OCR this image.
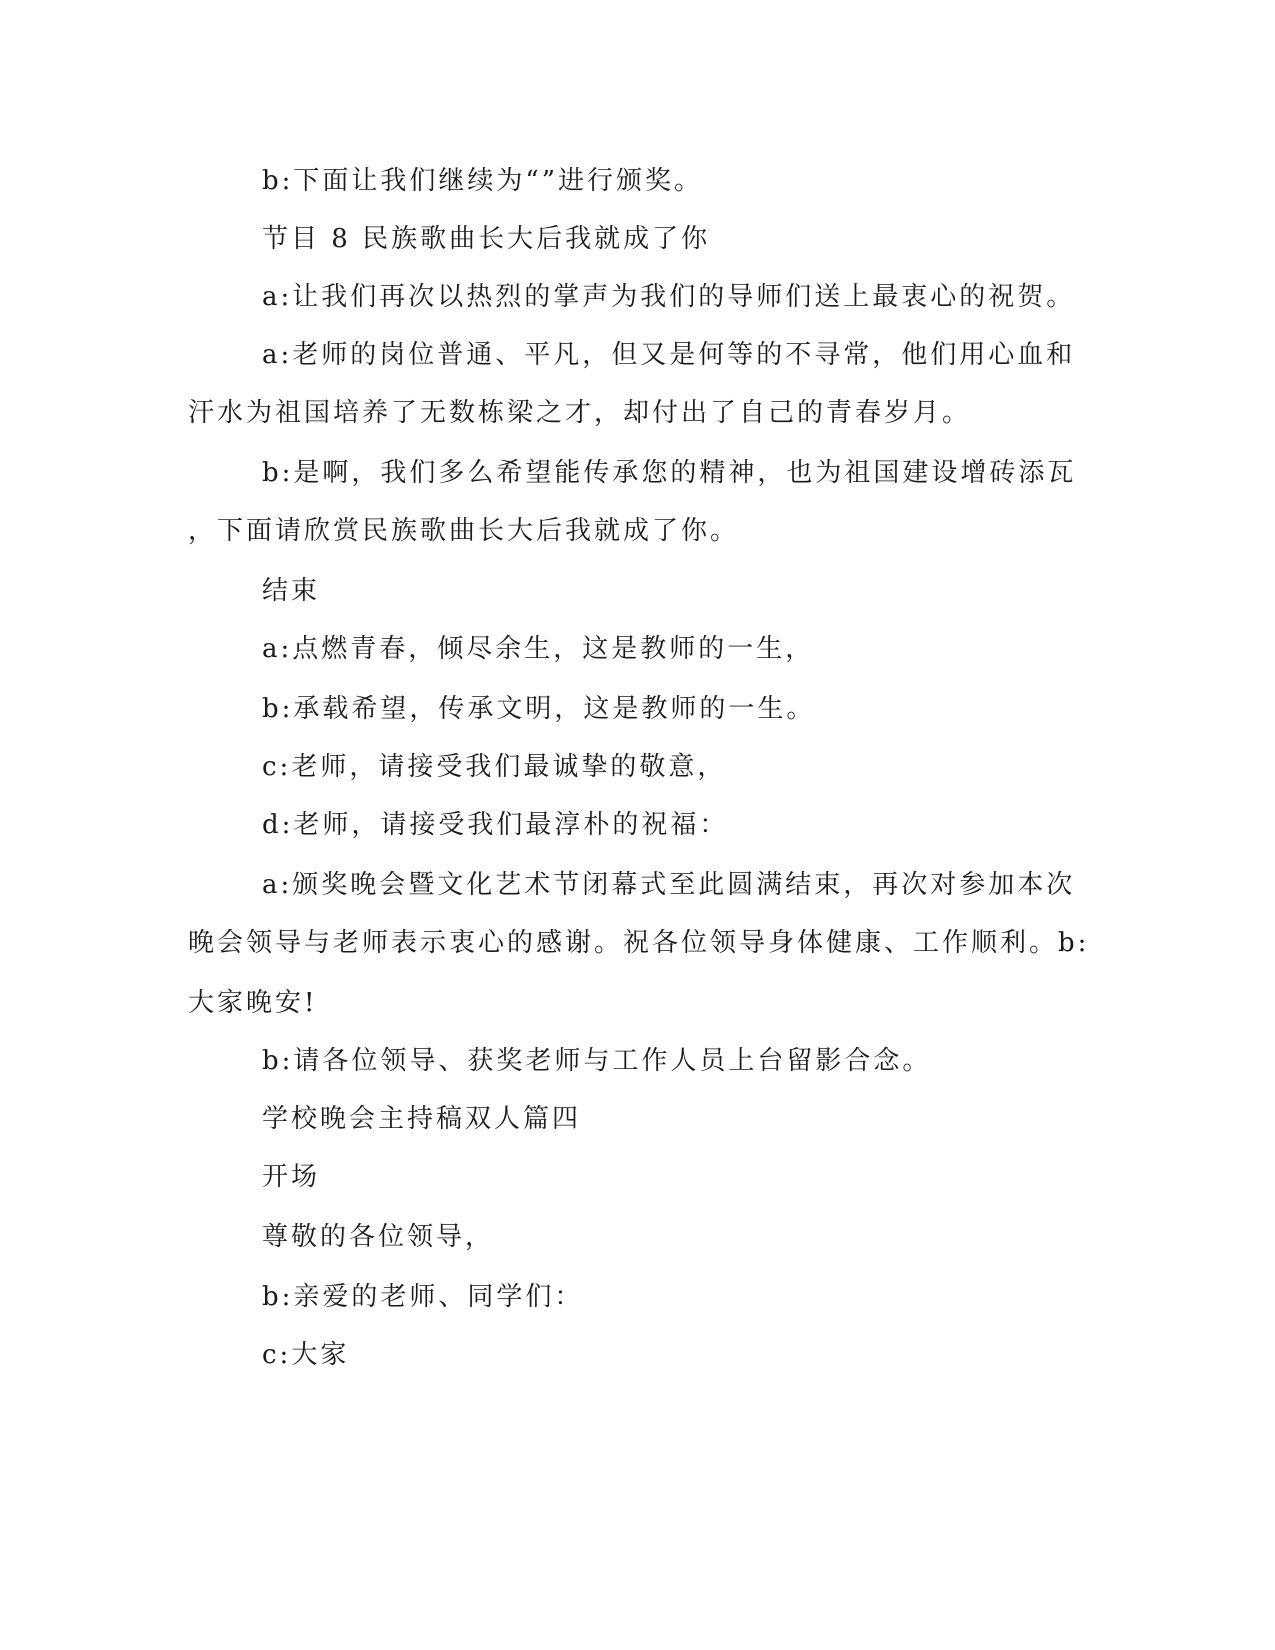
b:下面让我们继续为“”进行颁奖。

节目 8 民族歌曲长大后我就成了你

a:让我们再次以热烈的掌声为我们的导师们送上最衷心的祝贺。

a:老师的岗位普通、平凡，但又是何等的不寻常，他们用心血和

汗水为祖国培养了无数栋梁之才，却付出了自己的青春岁月。

b:是啊，我们多么希望能传承您的精神，也为祖国建设增砖添瓦

，下面请欣赏民族歌曲长大后我就成了你。

结束

a:点燃青春，倾尽余生，这是教师的一生，

b:承载希望，传承文明，这是教师的一生。

c:老师，请接受我们最诚挚的敬意，

d:老师，请接受我们最淳朴的祝福：

a:颁奖晚会暨文化艺术节闭幕式至此圆满结束，再次对参加本次

晚会领导与老师表示衷心的感谢。祝各位领导身体健康、工作顺利。b:

大家晚安!

b:请各位领导、获奖老师与工作人员上台留影合念。

学校晚会主持稿双人篇四

开场

尊敬的各位领导，

b:亲爱的老师、同学们：

c:大家
